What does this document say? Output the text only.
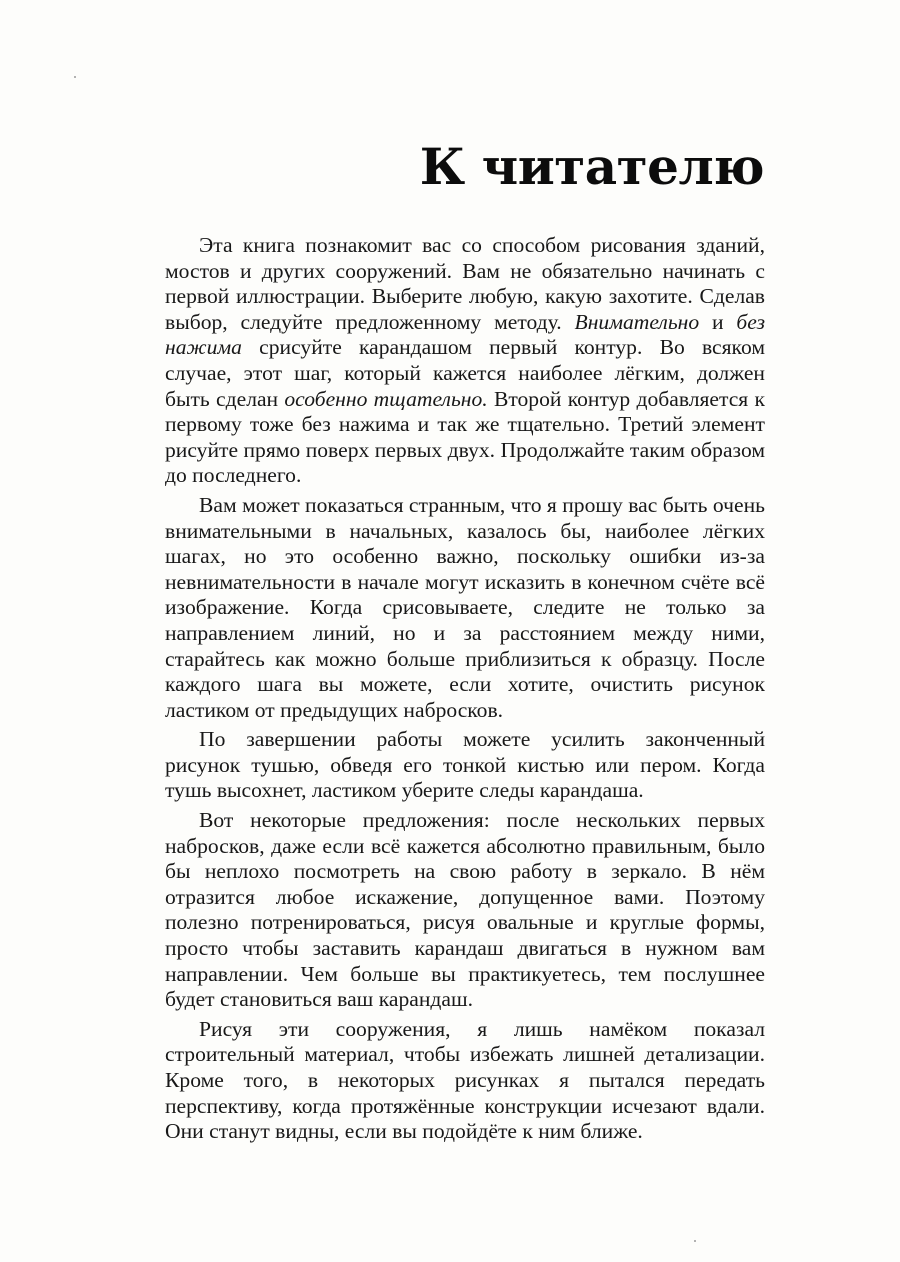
К читателю

Эта книга познакомит вас со способом рисования зданий, мостов и других сооружений. Вам не обязательно начинать с первой иллюстрации. Выберите любую, какую захотите. Сделав выбор, следуйте предложенному методу. Внимательно и без нажима срисуйте карандашом первый контур. Во всяком случае, этот шаг, который кажется наиболее лёгким, должен быть сделан особенно тщательно. Второй контур добавляется к первому тоже без нажима и так же тщательно. Третий элемент рисуйте прямо поверх первых двух. Продолжайте таким образом до последнего.

Вам может показаться странным, что я прошу вас быть очень внимательными в начальных, казалось бы, наиболее лёгких шагах, но это особенно важно, поскольку ошибки из-за невнимательности в начале могут исказить в конечном счёте всё изображение. Когда срисовываете, следите не только за направлением линий, но и за расстоянием между ними, старайтесь как можно больше приблизиться к образцу. После каждого шага вы можете, если хотите, очистить рисунок ластиком от предыдущих набросков.

По завершении работы можете усилить законченный рисунок тушью, обведя его тонкой кистью или пером. Когда тушь высохнет, ластиком уберите следы карандаша.

Вот некоторые предложения: после нескольких первых набросков, даже если всё кажется абсолютно правильным, было бы неплохо посмотреть на свою работу в зеркало. В нём отразится любое искажение, допущенное вами. Поэтому полезно потренироваться, рисуя овальные и круглые формы, просто чтобы заставить карандаш двигаться в нужном вам направлении. Чем больше вы практикуетесь, тем послушнее будет становиться ваш карандаш.

Рисуя эти сооружения, я лишь намёком показал строительный материал, чтобы избежать лишней детализации. Кроме того, в некоторых рисунках я пытался передать перспективу, когда протяжённые конструкции исчезают вдали. Они станут видны, если вы подойдёте к ним ближе.
